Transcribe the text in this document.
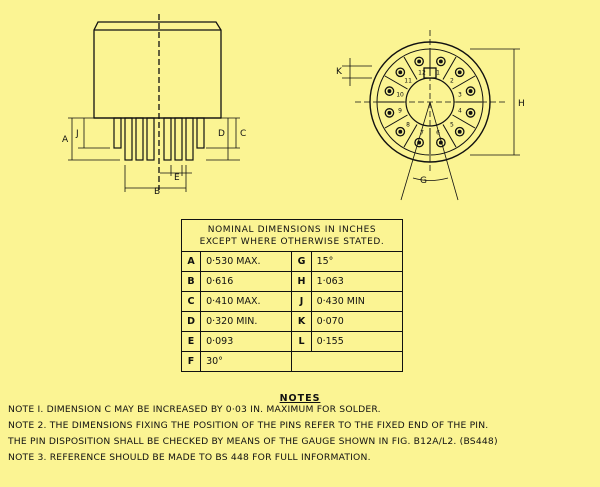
A
J	D C
B
E
K
H
G
1
2
3
4
5
6
7
8
9
10
11
12
NOMINAL DIMENSIONS IN INCHES
EXCEPT WHERE OTHERWISE STATED.			

A	0·530 MAX.	G	15°
B	0·616	H	1·063
C	0·410 MAX.	J	0·430 MIN
D	0·320 MIN.	K	0·070
E	0·093	L	0·155
F	30°		
NOTES

NOTE I. DIMENSION C MAY BE INCREASED BY 0·03 IN. MAXIMUM FOR SOLDER.

NOTE 2. THE DIMENSIONS FIXING THE POSITION OF THE PINS REFER TO THE FIXED END OF THE PIN.

THE PIN DISPOSITION SHALL BE CHECKED BY MEANS OF THE GAUGE SHOWN IN FIG. B12A/L2. (BS448)

NOTE 3. REFERENCE SHOULD BE MADE TO BS 448 FOR FULL INFORMATION.
